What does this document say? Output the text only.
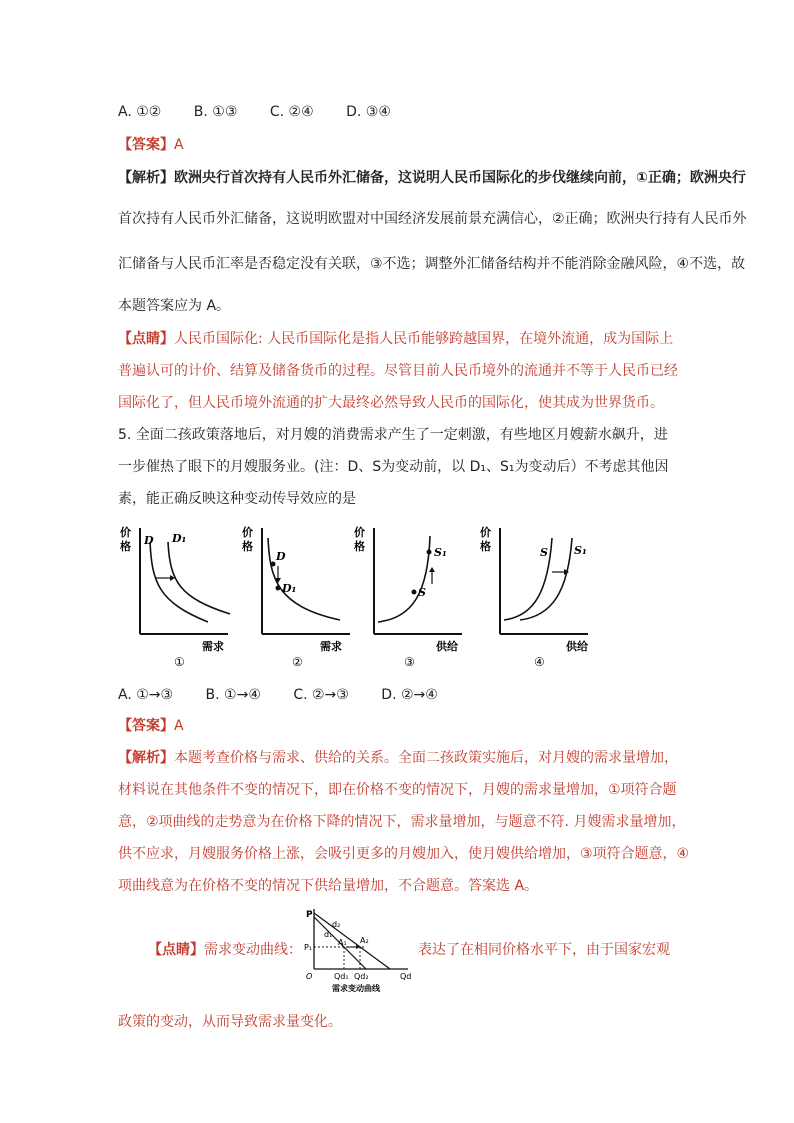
A. ①② B. ①③ C. ②④ D. ③④
【答案】A
【解析】欧洲央行首次持有人民币外汇储备，这说明人民币国际化的步伐继续向前，①正确；欧洲央行
首次持有人民币外汇储备，这说明欧盟对中国经济发展前景充满信心，②正确；欧洲央行持有人民币外
汇储备与人民币汇率是否稳定没有关联，③不选；调整外汇储备结构并不能消除金融风险，④不选，故
本题答案应为 A。
【点睛】人民币国际化: 人民币国际化是指人民币能够跨越国界，在境外流通，成为国际上
普遍认可的计价、结算及储备货币的过程。尽管目前人民币境外的流通并不等于人民币已经
国际化了，但人民币境外流通的扩大最终必然导致人民币的国际化，使其成为世界货币。
5. 全面二孩政策落地后，对月嫂的消费需求产生了一定刺激，有些地区月嫂薪水飙升，进
一步催热了眼下的月嫂服务业。(注：D、S为变动前，以 D₁、S₁为变动后）不考虑其他因
素，能正确反映这种变动传导效应的是
价
格 D D₁
需求
①
价
格
D
D₁
需求
②
价
格	S₁
S
供给
③
价
格	S S₁
供给
④
A. ①→③ B. ①→④ C. ②→③ D. ②→④
【答案】A
【解析】本题考查价格与需求、供给的关系。全面二孩政策实施后，对月嫂的需求量增加，
材料说在其他条件不变的情况下，即在价格不变的情况下，月嫂的需求量增加，①项符合题
意，②项曲线的走势意为在价格下降的情况下，需求量增加，与题意不符. 月嫂需求量增加，
供不应求，月嫂服务价格上涨，会吸引更多的月嫂加入，使月嫂供给增加，③项符合题意，④
项曲线意为在价格不变的情况下供给量增加，不合题意。答案选 A。
【点睛】需求变动曲线：
P
P₁
O
d₂
d₁
A₁ A₂
Qd₁ Qd₂	Qd
需求变动曲线
表达了在相同价格水平下，由于国家宏观
政策的变动，从而导致需求量变化。
